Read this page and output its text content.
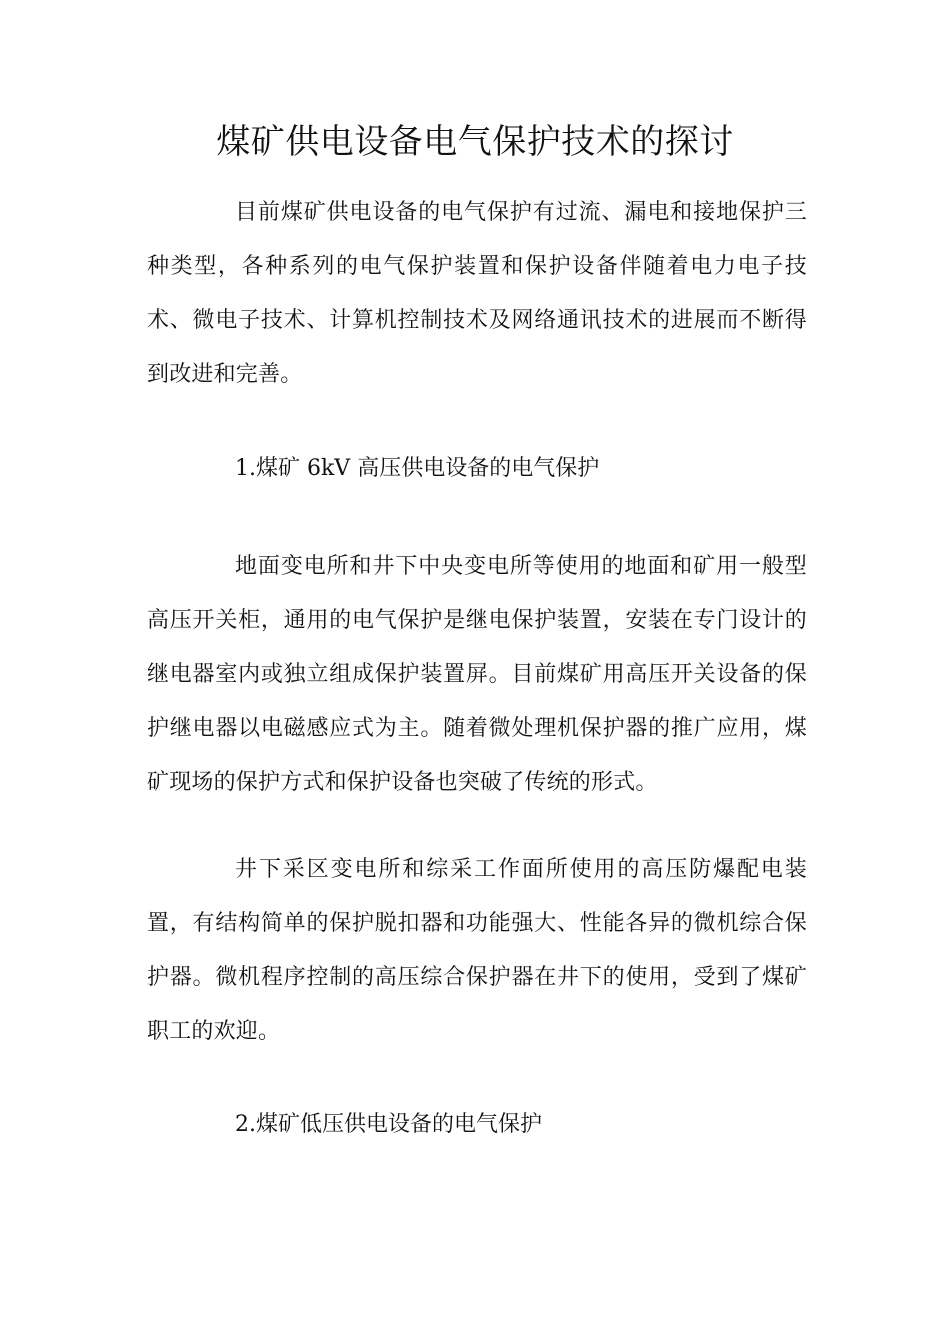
煤矿供电设备电气保护技术的探讨
目前煤矿供电设备的电气保护有过流、漏电和接地保护三种类型，各种系列的电气保护装置和保护设备伴随着电力电子技术、微电子技术、计算机控制技术及网络通讯技术的进展而不断得到改进和完善。
1.煤矿 6kV 高压供电设备的电气保护
地面变电所和井下中央变电所等使用的地面和矿用一般型高压开关柜，通用的电气保护是继电保护装置，安装在专门设计的继电器室内或独立组成保护装置屏。目前煤矿用高压开关设备的保护继电器以电磁感应式为主。随着微处理机保护器的推广应用，煤矿现场的保护方式和保护设备也突破了传统的形式。
井下采区变电所和综采工作面所使用的高压防爆配电装置，有结构简单的保护脱扣器和功能强大、性能各异的微机综合保护器。微机程序控制的高压综合保护器在井下的使用，受到了煤矿职工的欢迎。
2.煤矿低压供电设备的电气保护
